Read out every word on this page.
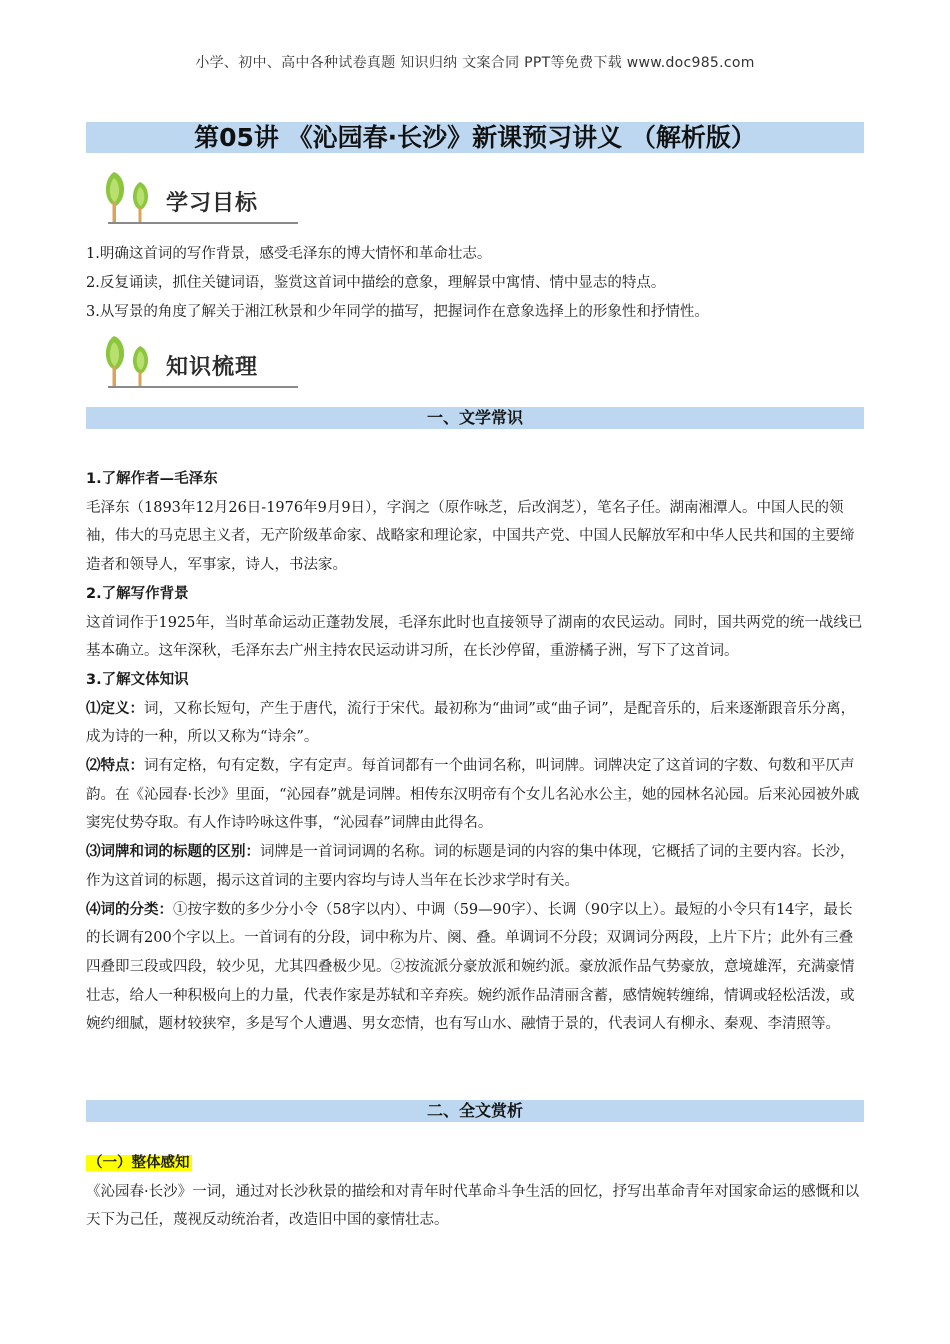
小学、初中、高中各种试卷真题 知识归纳 文案合同 PPT等免费下载 www.doc985.com
第05讲 《沁园春·长沙》新课预习讲义 （解析版）
学习目标
1.明确这首词的写作背景，感受毛泽东的博大情怀和革命壮志。
2.反复诵读，抓住关键词语，鉴赏这首词中描绘的意象，理解景中寓情、情中显志的特点。
3.从写景的角度了解关于湘江秋景和少年同学的描写，把握词作在意象选择上的形象性和抒情性。
知识梳理
一、文学常识

1.了解作者—毛泽东

毛泽东（1893年12月26日-1976年9月9日），字润之（原作咏芝，后改润芝），笔名子任。湖南湘潭人。中国人民的领袖，伟大的马克思主义者，无产阶级革命家、战略家和理论家，中国共产党、中国人民解放军和中华人民共和国的主要缔造者和领导人，军事家，诗人，书法家。

2.了解写作背景

这首词作于1925年，当时革命运动正蓬勃发展，毛泽东此时也直接领导了湖南的农民运动。同时，国共两党的统一战线已基本确立。这年深秋，毛泽东去广州主持农民运动讲习所，在长沙停留，重游橘子洲，写下了这首词。

3.了解文体知识

⑴定义：词，又称长短句，产生于唐代，流行于宋代。最初称为“曲词”或“曲子词”，是配音乐的，后来逐渐跟音乐分离，成为诗的一种，所以又称为“诗余”。

⑵特点：词有定格，句有定数，字有定声。每首词都有一个曲词名称，叫词牌。词牌决定了这首词的字数、句数和平仄声韵。在《沁园春·长沙》里面，“沁园春”就是词牌。相传东汉明帝有个女儿名沁水公主，她的园林名沁园。后来沁园被外戚窦宪仗势夺取。有人作诗吟咏这件事，“沁园春”词牌由此得名。

⑶词牌和词的标题的区别：词牌是一首词词调的名称。词的标题是词的内容的集中体现，它概括了词的主要内容。长沙，作为这首词的标题，揭示这首词的主要内容均与诗人当年在长沙求学时有关。

⑷词的分类：①按字数的多少分小令（58字以内）、中调（59—90字）、长调（90字以上）。最短的小令只有14字，最长的长调有200个字以上。一首词有的分段，词中称为片、阕、叠。单调词不分段；双调词分两段，上片下片；此外有三叠四叠即三段或四段，较少见，尤其四叠极少见。②按流派分豪放派和婉约派。豪放派作品气势豪放，意境雄浑，充满豪情壮志，给人一种积极向上的力量，代表作家是苏轼和辛弃疾。婉约派作品清丽含蓄，感情婉转缠绵，情调或轻松活泼，或婉约细腻，题材较狭窄，多是写个人遭遇、男女恋情，也有写山水、融情于景的，代表词人有柳永、秦观、李清照等。

二、全文赏析

（一）整体感知

《沁园春·长沙》一词，通过对长沙秋景的描绘和对青年时代革命斗争生活的回忆，抒写出革命青年对国家命运的感慨和以天下为己任，蔑视反动统治者，改造旧中国的豪情壮志。
